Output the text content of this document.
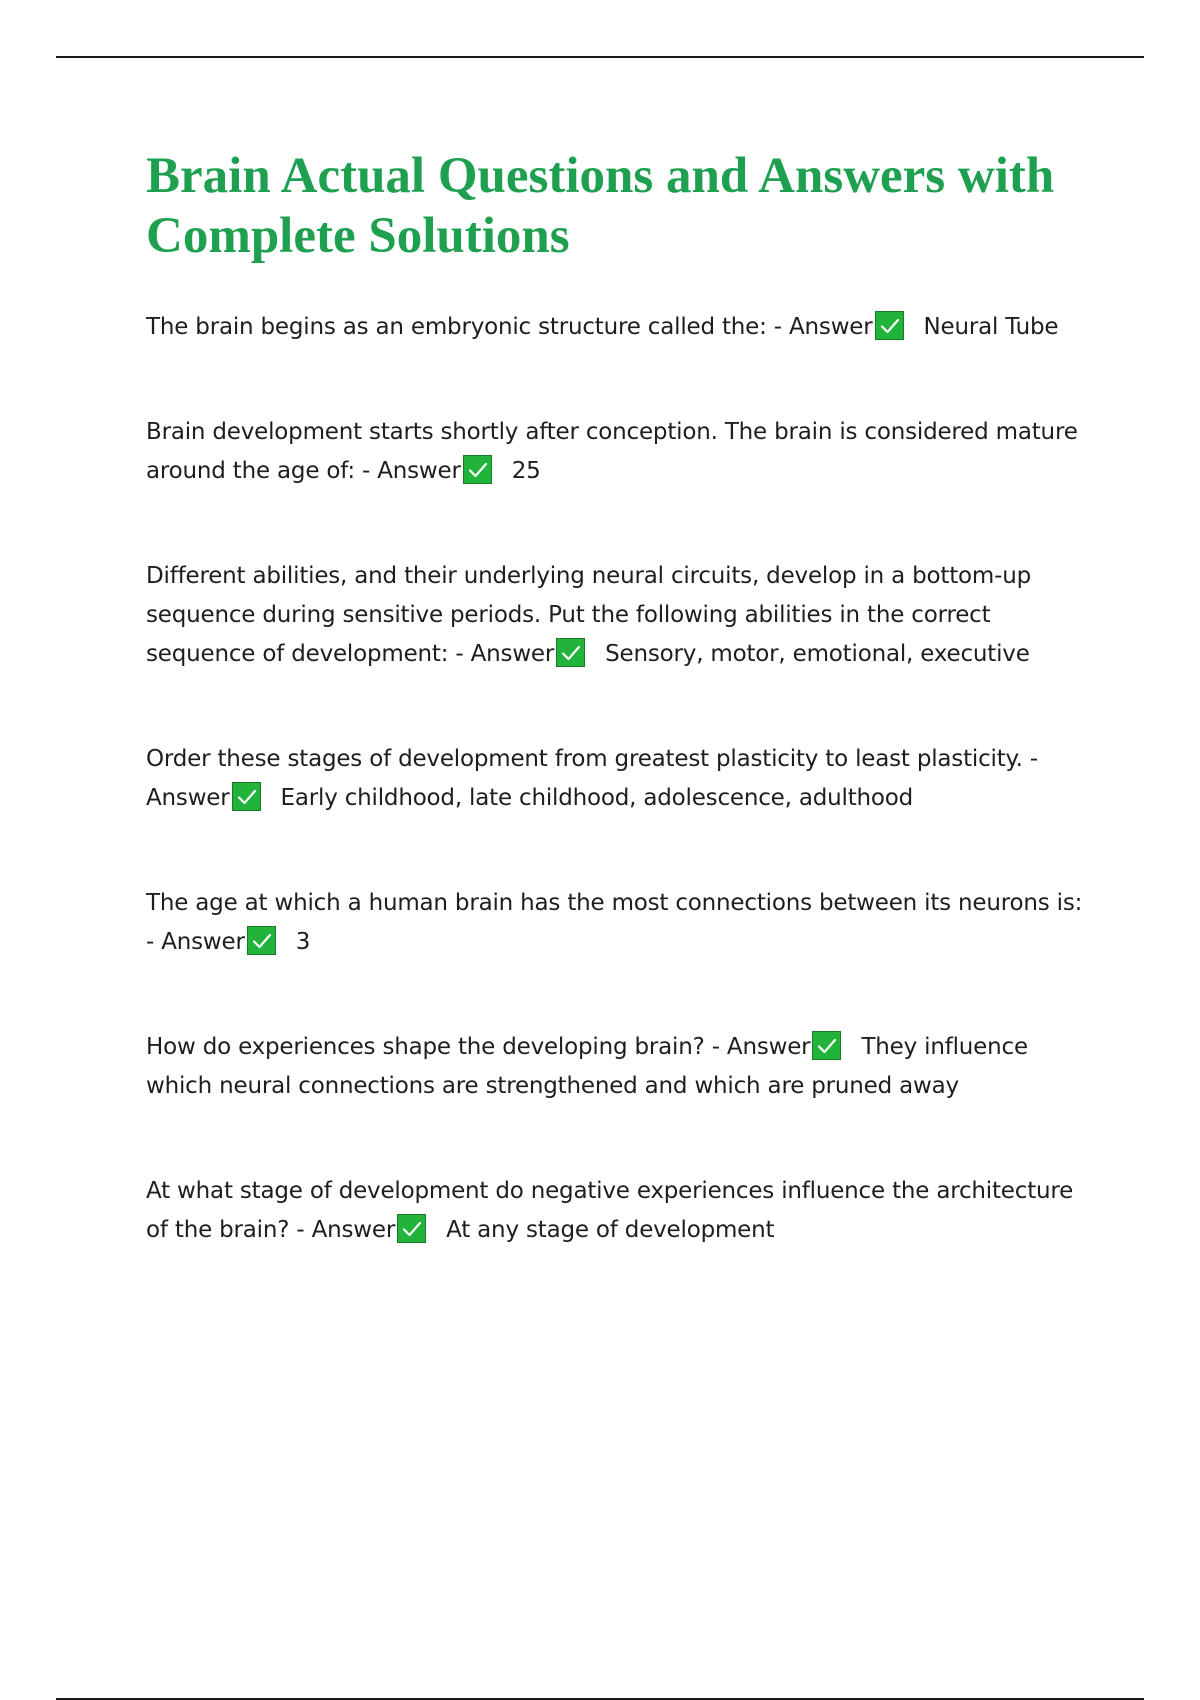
Brain Actual Questions and Answers with Complete Solutions

The brain begins as an embryonic structure called the: - Answer Neural Tube

Brain development starts shortly after conception. The brain is considered mature around the age of: - Answer 25

Different abilities, and their underlying neural circuits, develop in a bottom-up sequence during sensitive periods. Put the following abilities in the correct sequence of development: - Answer Sensory, motor, emotional, executive

Order these stages of development from greatest plasticity to least plasticity. - Answer Early childhood, late childhood, adolescence, adulthood

The age at which a human brain has the most connections between its neurons is: - Answer 3

How do experiences shape the developing brain? - Answer They influence which neural connections are strengthened and which are pruned away

At what stage of development do negative experiences influence the architecture of the brain? - Answer At any stage of development
